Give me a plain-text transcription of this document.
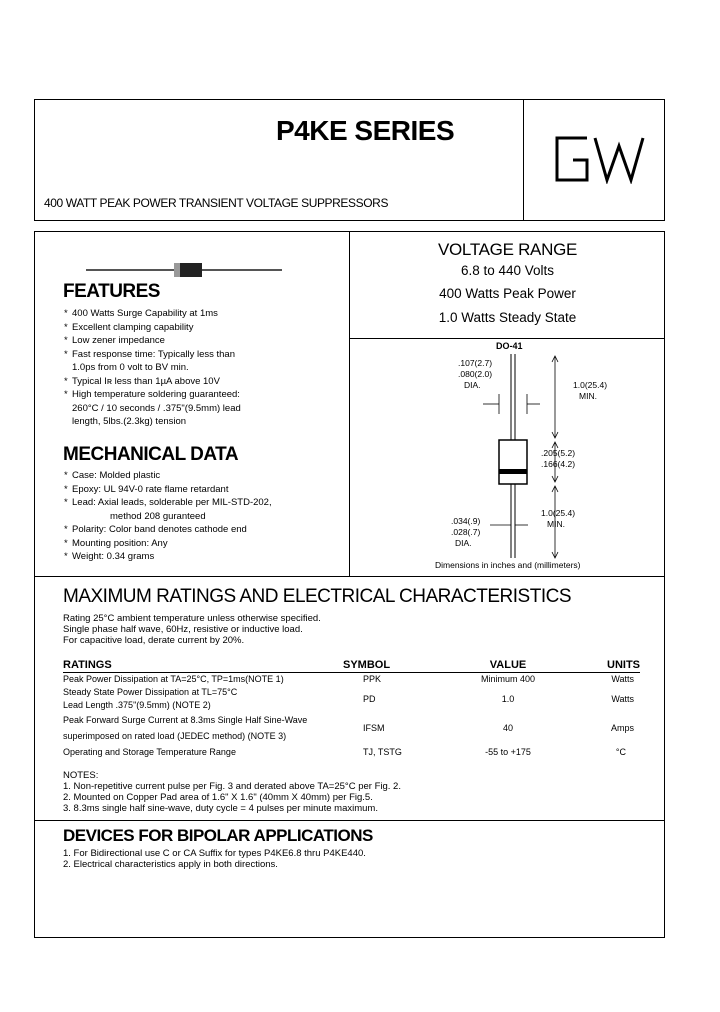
P4KE SERIES
400 WATT PEAK POWER TRANSIENT VOLTAGE SUPPRESSORS
VOLTAGE RANGE
6.8 to 440 Volts
400 Watts Peak Power
1.0 Watts Steady State
FEATURES
* 400 Watts Surge Capability at 1ms
* Excellent clamping capability
* Low zener impedance
* Fast response time: Typically less than
1.0ps from 0 volt to BV min.
* Typical Iʀ less than 1µA above 10V
* High temperature soldering guaranteed:
260°C / 10 seconds / .375"(9.5mm) lead
length, 5lbs.(2.3kg) tension
MECHANICAL DATA
* Case: Molded plastic
* Epoxy: UL 94V-0 rate flame retardant
* Lead: Axial leads, solderable per MIL-STD-202,
method 208 guranteed
* Polarity: Color band denotes cathode end
* Mounting position: Any
* Weight: 0.34 grams
DO-41
.107(2.7)
.080(2.0)
DIA.	1.0(25.4)
MIN.
.205(5.2)
.166(4.2)
1.0(25.4)
MIN.
.034(.9)
.028(.7)
DIA.
Dimensions in inches and (millimeters)
MAXIMUM RATINGS AND ELECTRICAL CHARACTERISTICS
Rating 25°C ambient temperature unless otherwise specified.
Single phase half wave, 60Hz, resistive or inductive load.
For capacitive load, derate current by 20%.
RATINGS	SYMBOL	VALUE	UNITS
Peak Power Dissipation at TA=25°C, TP=1ms(NOTE 1)	PPK	Minimum 400	Watts

Steady State Power Dissipation at TL=75°C
Lead Length .375"(9.5mm) (NOTE 2)	PD	1.0	Watts

Peak Forward Surge Current at 8.3ms Single Half Sine-Wave
superimposed on rated load (JEDEC method) (NOTE 3)	IFSM	40	Amps
Operating and Storage Temperature Range	TJ, TSTG	-55 to +175	°C
NOTES:
1. Non-repetitive current pulse per Fig. 3 and derated above TA=25°C per Fig. 2.
2. Mounted on Copper Pad area of 1.6" X 1.6" (40mm X 40mm) per Fig.5.
3. 8.3ms single half sine-wave, duty cycle = 4 pulses per minute maximum.
DEVICES FOR BIPOLAR APPLICATIONS
1. For Bidirectional use C or CA Suffix for types P4KE6.8 thru P4KE440.
2. Electrical characteristics apply in both directions.
